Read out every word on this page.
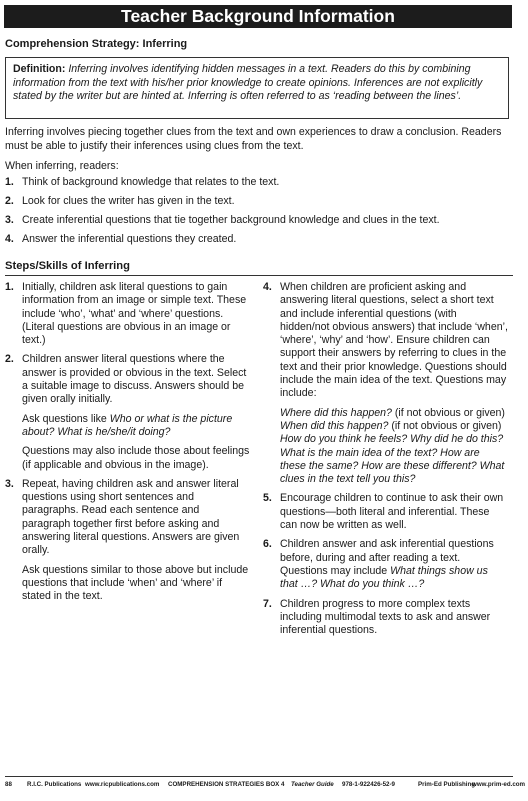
Teacher Background Information
Comprehension Strategy: Inferring
Definition: Inferring involves identifying hidden messages in a text. Readers do this by combining information from the text with his/her prior knowledge to create opinions. Inferences are not explicitly stated by the writer but are hinted at. Inferring is often referred to as ‘reading between the lines’.
Inferring involves piecing together clues from the text and own experiences to draw a conclusion. Readers must be able to justify their inferences using clues from the text.
When inferring, readers:
1. Think of background knowledge that relates to the text.
2. Look for clues the writer has given in the text.
3. Create inferential questions that tie together background knowledge and clues in the text.
4. Answer the inferential questions they created.
Steps/Skills of Inferring
1. Initially, children ask literal questions to gain information from an image or simple text. These include ‘who’, ‘what’ and ‘where’ questions. (Literal questions are obvious in an image or text.)

2. Children answer literal questions where the answer is provided or obvious in the text. Select a suitable image to discuss. Answers should be given orally initially.

Ask questions like Who or what is the picture about? What is he/she/it doing?

Questions may also include those about feelings (if applicable and obvious in the image).

3. Repeat, having children ask and answer literal questions using short sentences and paragraphs. Read each sentence and paragraph together first before asking and answering literal questions. Answers are given orally.

Ask questions similar to those above but include questions that include ‘when’ and ‘where’ if stated in the text.

4. When children are proficient asking and answering literal questions, select a short text and include inferential questions (with hidden/not obvious answers) that include ‘when’, ‘where’, ‘why’ and ‘how’. Ensure children can support their answers by referring to clues in the text and their prior knowledge. Questions should include the main idea of the text. Questions may include:

Where did this happen? (if not obvious or given) When did this happen? (if not obvious or given) How do you think he feels? Why did he do this? What is the main idea of the text? How are these the same? How are these different? What clues in the text tell you this?

5. Encourage children to continue to ask their own questions—both literal and inferential. These can now be written as well.

6. Children answer and ask inferential questions before, during and after reading a text. Questions may include What things show us that …? What do you think …?

7. Children progress to more complex texts including multimodal texts to ask and answer inferential questions.

88 R.I.C. Publications www.ricpublications.com COMPREHENSION STRATEGIES BOX 4 Teacher Guide 978-1-922426-52-9	Prim-Ed Publishing
www.prim-ed.com
